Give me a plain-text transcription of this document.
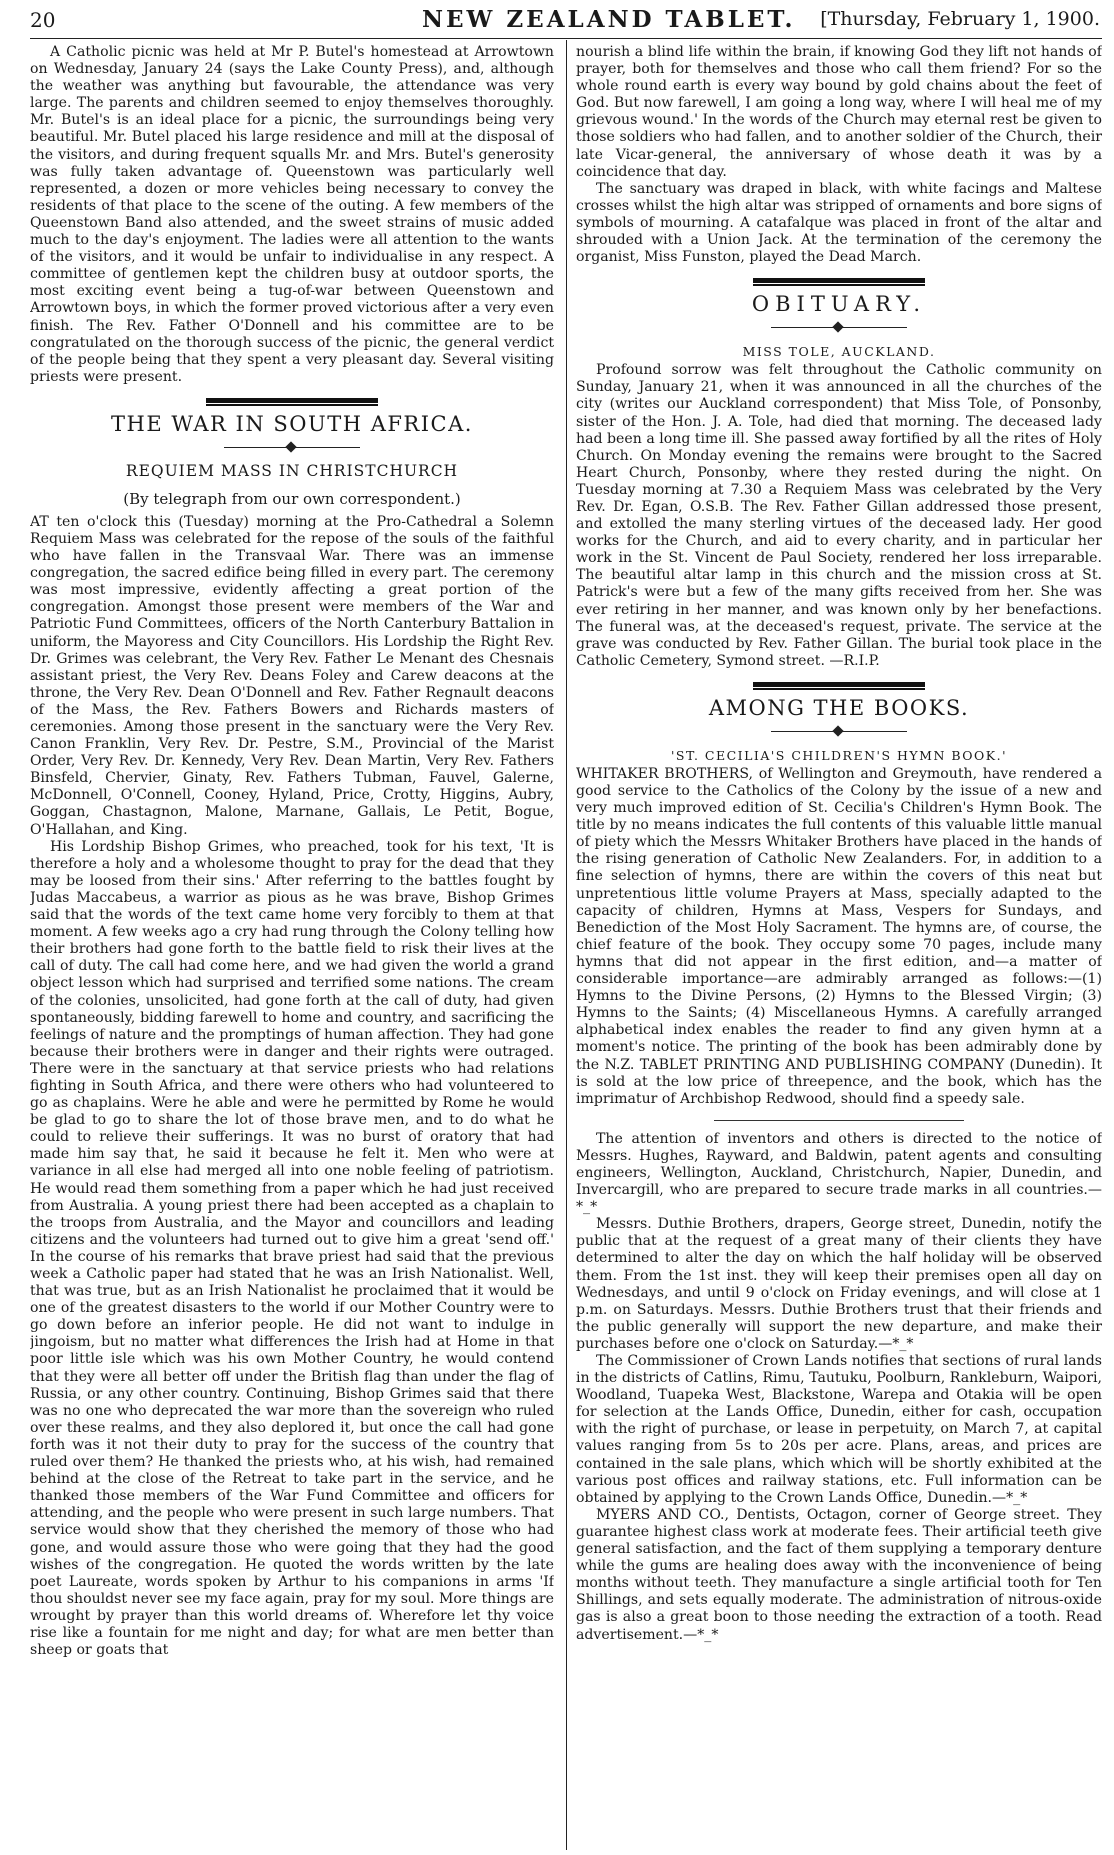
20	NEW ZEALAND TABLET. [Thursday, February 1, 1900.

A Catholic picnic was held at Mr P. Butel's homestead at Arrowtown on Wednesday, January 24 (says the Lake County Press), and, although the weather was anything but favourable, the attendance was very large. The parents and children seemed to enjoy themselves thoroughly. Mr. Butel's is an ideal place for a picnic, the surroundings being very beautiful. Mr. Butel placed his large residence and mill at the disposal of the visitors, and during frequent squalls Mr. and Mrs. Butel's generosity was fully taken advantage of. Queenstown was particularly well represented, a dozen or more vehicles being necessary to convey the residents of that place to the scene of the outing. A few members of the Queenstown Band also attended, and the sweet strains of music added much to the day's enjoyment. The ladies were all attention to the wants of the visitors, and it would be unfair to individualise in any respect. A committee of gentlemen kept the children busy at outdoor sports, the most exciting event being a tug-of-war between Queenstown and Arrowtown boys, in which the former proved victorious after a very even finish. The Rev. Father O'Donnell and his committee are to be congratulated on the thorough success of the picnic, the general verdict of the people being that they spent a very pleasant day. Several visiting priests were present.

THE WAR IN SOUTH AFRICA.
REQUIEM MASS IN CHRISTCHURCH
(By telegraph from our own correspondent.)

AT ten o'clock this (Tuesday) morning at the Pro-Cathedral a Solemn Requiem Mass was celebrated for the repose of the souls of the faithful who have fallen in the Transvaal War. There was an immense congregation, the sacred edifice being filled in every part. The ceremony was most impressive, evidently affecting a great portion of the congregation. Amongst those present were members of the War and Patriotic Fund Committees, officers of the North Canterbury Battalion in uniform, the Mayoress and City Councillors. His Lordship the Right Rev. Dr. Grimes was celebrant, the Very Rev. Father Le Menant des Chesnais assistant priest, the Very Rev. Deans Foley and Carew deacons at the throne, the Very Rev. Dean O'Donnell and Rev. Father Regnault deacons of the Mass, the Rev. Fathers Bowers and Richards masters of ceremonies. Among those present in the sanctuary were the Very Rev. Canon Franklin, Very Rev. Dr. Pestre, S.M., Provincial of the Marist Order, Very Rev. Dr. Kennedy, Very Rev. Dean Martin, Very Rev. Fathers Binsfeld, Chervier, Ginaty, Rev. Fathers Tubman, Fauvel, Galerne, McDonnell, O'Connell, Cooney, Hyland, Price, Crotty, Higgins, Aubry, Goggan, Chastagnon, Malone, Marnane, Gallais, Le Petit, Bogue, O'Hallahan, and King.

His Lordship Bishop Grimes, who preached, took for his text, 'It is therefore a holy and a wholesome thought to pray for the dead that they may be loosed from their sins.' After referring to the battles fought by Judas Maccabeus, a warrior as pious as he was brave, Bishop Grimes said that the words of the text came home very forcibly to them at that moment. A few weeks ago a cry had rung through the Colony telling how their brothers had gone forth to the battle field to risk their lives at the call of duty. The call had come here, and we had given the world a grand object lesson which had surprised and terrified some nations. The cream of the colonies, unsolicited, had gone forth at the call of duty, had given spontaneously, bidding farewell to home and country, and sacrificing the feelings of nature and the promptings of human affection. They had gone because their brothers were in danger and their rights were outraged. There were in the sanctuary at that service priests who had relations fighting in South Africa, and there were others who had volunteered to go as chaplains. Were he able and were he permitted by Rome he would be glad to go to share the lot of those brave men, and to do what he could to relieve their sufferings. It was no burst of oratory that had made him say that, he said it because he felt it. Men who were at variance in all else had merged all into one noble feeling of patriotism. He would read them something from a paper which he had just received from Australia. A young priest there had been accepted as a chaplain to the troops from Australia, and the Mayor and councillors and leading citizens and the volunteers had turned out to give him a great 'send off.' In the course of his remarks that brave priest had said that the previous week a Catholic paper had stated that he was an Irish Nationalist. Well, that was true, but as an Irish Nationalist he proclaimed that it would be one of the greatest disasters to the world if our Mother Country were to go down before an inferior people. He did not want to indulge in jingoism, but no matter what differences the Irish had at Home in that poor little isle which was his own Mother Country, he would contend that they were all better off under the British flag than under the flag of Russia, or any other country. Continuing, Bishop Grimes said that there was no one who deprecated the war more than the sovereign who ruled over these realms, and they also deplored it, but once the call had gone forth was it not their duty to pray for the success of the country that ruled over them? He thanked the priests who, at his wish, had remained behind at the close of the Retreat to take part in the service, and he thanked those members of the War Fund Committee and officers for attending, and the people who were present in such large numbers. That service would show that they cherished the memory of those who had gone, and would assure those who were going that they had the good wishes of the congregation. He quoted the words written by the late poet Laureate, words spoken by Arthur to his companions in arms 'If thou shouldst never see my face again, pray for my soul. More things are wrought by prayer than this world dreams of. Wherefore let thy voice rise like a fountain for me night and day; for what are men better than sheep or goats that

nourish a blind life within the brain, if knowing God they lift not hands of prayer, both for themselves and those who call them friend? For so the whole round earth is every way bound by gold chains about the feet of God. But now farewell, I am going a long way, where I will heal me of my grievous wound.' In the words of the Church may eternal rest be given to those soldiers who had fallen, and to another soldier of the Church, their late Vicar-general, the anniversary of whose death it was by a coincidence that day.

The sanctuary was draped in black, with white facings and Maltese crosses whilst the high altar was stripped of ornaments and bore signs of symbols of mourning. A catafalque was placed in front of the altar and shrouded with a Union Jack. At the termination of the ceremony the organist, Miss Funston, played the Dead March.

OBITUARY.
MISS TOLE, AUCKLAND.

Profound sorrow was felt throughout the Catholic community on Sunday, January 21, when it was announced in all the churches of the city (writes our Auckland correspondent) that Miss Tole, of Ponsonby, sister of the Hon. J. A. Tole, had died that morning. The deceased lady had been a long time ill. She passed away fortified by all the rites of Holy Church. On Monday evening the remains were brought to the Sacred Heart Church, Ponsonby, where they rested during the night. On Tuesday morning at 7.30 a Requiem Mass was celebrated by the Very Rev. Dr. Egan, O.S.B. The Rev. Father Gillan addressed those present, and extolled the many sterling virtues of the deceased lady. Her good works for the Church, and aid to every charity, and in particular her work in the St. Vincent de Paul Society, rendered her loss irreparable. The beautiful altar lamp in this church and the mission cross at St. Patrick's were but a few of the many gifts received from her. She was ever retiring in her manner, and was known only by her benefactions. The funeral was, at the deceased's request, private. The service at the grave was conducted by Rev. Father Gillan. The burial took place in the Catholic Cemetery, Symond street. —R.I.P.

AMONG THE BOOKS.
'ST. CECILIA'S CHILDREN'S HYMN BOOK.'

WHITAKER BROTHERS, of Wellington and Greymouth, have rendered a good service to the Catholics of the Colony by the issue of a new and very much improved edition of St. Cecilia's Children's Hymn Book. The title by no means indicates the full contents of this valuable little manual of piety which the Messrs Whitaker Brothers have placed in the hands of the rising generation of Catholic New Zealanders. For, in addition to a fine selection of hymns, there are within the covers of this neat but unpretentious little volume Prayers at Mass, specially adapted to the capacity of children, Hymns at Mass, Vespers for Sundays, and Benediction of the Most Holy Sacrament. The hymns are, of course, the chief feature of the book. They occupy some 70 pages, include many hymns that did not appear in the first edition, and—a matter of considerable importance—are admirably arranged as follows:—(1) Hymns to the Divine Persons, (2) Hymns to the Blessed Virgin; (3) Hymns to the Saints; (4) Miscellaneous Hymns. A carefully arranged alphabetical index enables the reader to find any given hymn at a moment's notice. The printing of the book has been admirably done by the N.Z. TABLET PRINTING AND PUBLISHING COMPANY (Dunedin). It is sold at the low price of threepence, and the book, which has the imprimatur of Archbishop Redwood, should find a speedy sale.

The attention of inventors and others is directed to the notice of Messrs. Hughes, Rayward, and Baldwin, patent agents and consulting engineers, Wellington, Auckland, Christchurch, Napier, Dunedin, and Invercargill, who are prepared to secure trade marks in all countries.—*_*

Messrs. Duthie Brothers, drapers, George street, Dunedin, notify the public that at the request of a great many of their clients they have determined to alter the day on which the half holiday will be observed them. From the 1st inst. they will keep their premises open all day on Wednesdays, and until 9 o'clock on Friday evenings, and will close at 1 p.m. on Saturdays. Messrs. Duthie Brothers trust that their friends and the public generally will support the new departure, and make their purchases before one o'clock on Saturday.—*_*

The Commissioner of Crown Lands notifies that sections of rural lands in the districts of Catlins, Rimu, Tautuku, Poolburn, Rankleburn, Waipori, Woodland, Tuapeka West, Blackstone, Warepa and Otakia will be open for selection at the Lands Office, Dunedin, either for cash, occupation with the right of purchase, or lease in perpetuity, on March 7, at capital values ranging from 5s to 20s per acre. Plans, areas, and prices are contained in the sale plans, which which will be shortly exhibited at the various post offices and railway stations, etc. Full information can be obtained by applying to the Crown Lands Office, Dunedin.—*_*

MYERS AND CO., Dentists, Octagon, corner of George street. They guarantee highest class work at moderate fees. Their artificial teeth give general satisfaction, and the fact of them supplying a temporary denture while the gums are healing does away with the inconvenience of being months without teeth. They manufacture a single artificial tooth for Ten Shillings, and sets equally moderate. The administration of nitrous-oxide gas is also a great boon to those needing the extraction of a tooth. Read advertisement.—*_*
